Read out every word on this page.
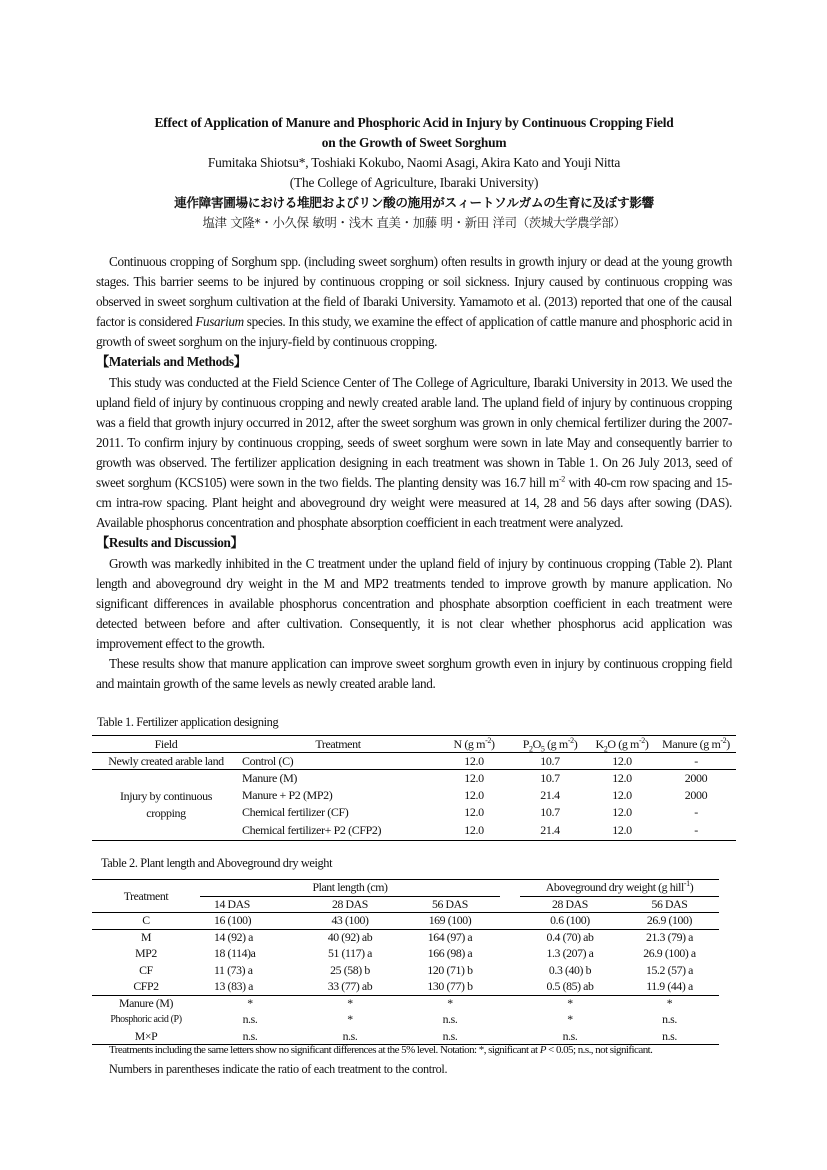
Effect of Application of Manure and Phosphoric Acid in Injury by Continuous Cropping Field
on the Growth of Sweet Sorghum
Fumitaka Shiotsu*, Toshiaki Kokubo, Naomi Asagi, Akira Kato and Youji Nitta
(The College of Agriculture, Ibaraki University)
連作障害圃場における堆肥およびリン酸の施用がスィートソルガムの生育に及ぼす影響
塩津 文隆*・小久保 敏明・浅木 直美・加藤 明・新田 洋司（茨城大学農学部）

Continuous cropping of Sorghum spp. (including sweet sorghum) often results in growth injury or dead at the young growth stages. This barrier seems to be injured by continuous cropping or soil sickness. Injury caused by continuous cropping was observed in sweet sorghum cultivation at the field of Ibaraki University. Yamamoto et al. (2013) reported that one of the causal factor is considered Fusarium species. In this study, we examine the effect of application of cattle manure and phosphoric acid in growth of sweet sorghum on the injury-field by continuous cropping.

【Materials and Methods】

This study was conducted at the Field Science Center of The College of Agriculture, Ibaraki University in 2013. We used the upland field of injury by continuous cropping and newly created arable land. The upland field of injury by continuous cropping was a field that growth injury occurred in 2012, after the sweet sorghum was grown in only chemical fertilizer during the 2007-2011. To confirm injury by continuous cropping, seeds of sweet sorghum were sown in late May and consequently barrier to growth was observed. The fertilizer application designing in each treatment was shown in Table 1. On 26 July 2013, seed of sweet sorghum (KCS105) were sown in the two fields. The planting density was 16.7 hill $m^{-2}$ with 40-cm row spacing and 15-cm intra-row spacing. Plant height and aboveground dry weight were measured at 14, 28 and 56 days after sowing (DAS). Available phosphorus concentration and phosphate absorption coefficient in each treatment were analyzed.

【Results and Discussion】

Growth was markedly inhibited in the C treatment under the upland field of injury by continuous cropping (Table 2). Plant length and aboveground dry weight in the M and MP2 treatments tended to improve growth by manure application. No significant differences in available phosphorus concentration and phosphate absorption coefficient in each treatment were detected between before and after cultivation. Consequently, it is not clear whether phosphorus acid application was improvement effect to the growth.

These results show that manure application can improve sweet sorghum growth even in injury by continuous cropping field and maintain growth of the same levels as newly created arable land.

Table 1. Fertilizer application designing
Field	Treatment	N (g $m^{-2}$)	$P_2O_5$ (g $m^{-2}$)	$K_2O$ (g $m^{-2}$)	Manure (g $m^{-2}$)
Newly created arable land	Control (C)	12.0	10.7	12.0	-
Injury by continuous
cropping	Manure (M)	12.0	10.7	12.0	2000
	Manure + P2 (MP2)	12.0	21.4	12.0	2000
	Chemical fertilizer (CF)	12.0	10.7	12.0	-
	Chemical fertilizer+ P2 (CFP2)	12.0	21.4	12.0	-
Table 2. Plant length and Aboveground dry weight
Treatment	Plant length (cm)				Aboveground dry weight (g hill$^{-1}$)	
	14 DAS	28 DAS	56 DAS		28 DAS	56 DAS
C	16 (100)	43 (100)	169 (100)		0.6 (100)	26.9 (100)
M	14 (92) a	40 (92) ab	164 (97) a		0.4 (70) ab	21.3 (79) a
MP2	18 (114)a	51 (117) a	166 (98) a		1.3 (207) a	26.9 (100) a
CF	11 (73) a	25 (58) b	120 (71) b		0.3 (40) b	15.2 (57) a
CFP2	13 (83) a	33 (77) ab	130 (77) b		0.5 (85) ab	11.9 (44) a
Manure (M)	*	*	*		*	*
Phosphoric acid (P)	n.s.	*	n.s.		*	n.s.
M×P	n.s.	n.s.	n.s.		n.s.	n.s.
Treatments including the same letters show no significant differences at the 5% level. Notation: *, significant at P < 0.05; n.s., not significant.
Numbers in parentheses indicate the ratio of each treatment to the control.
